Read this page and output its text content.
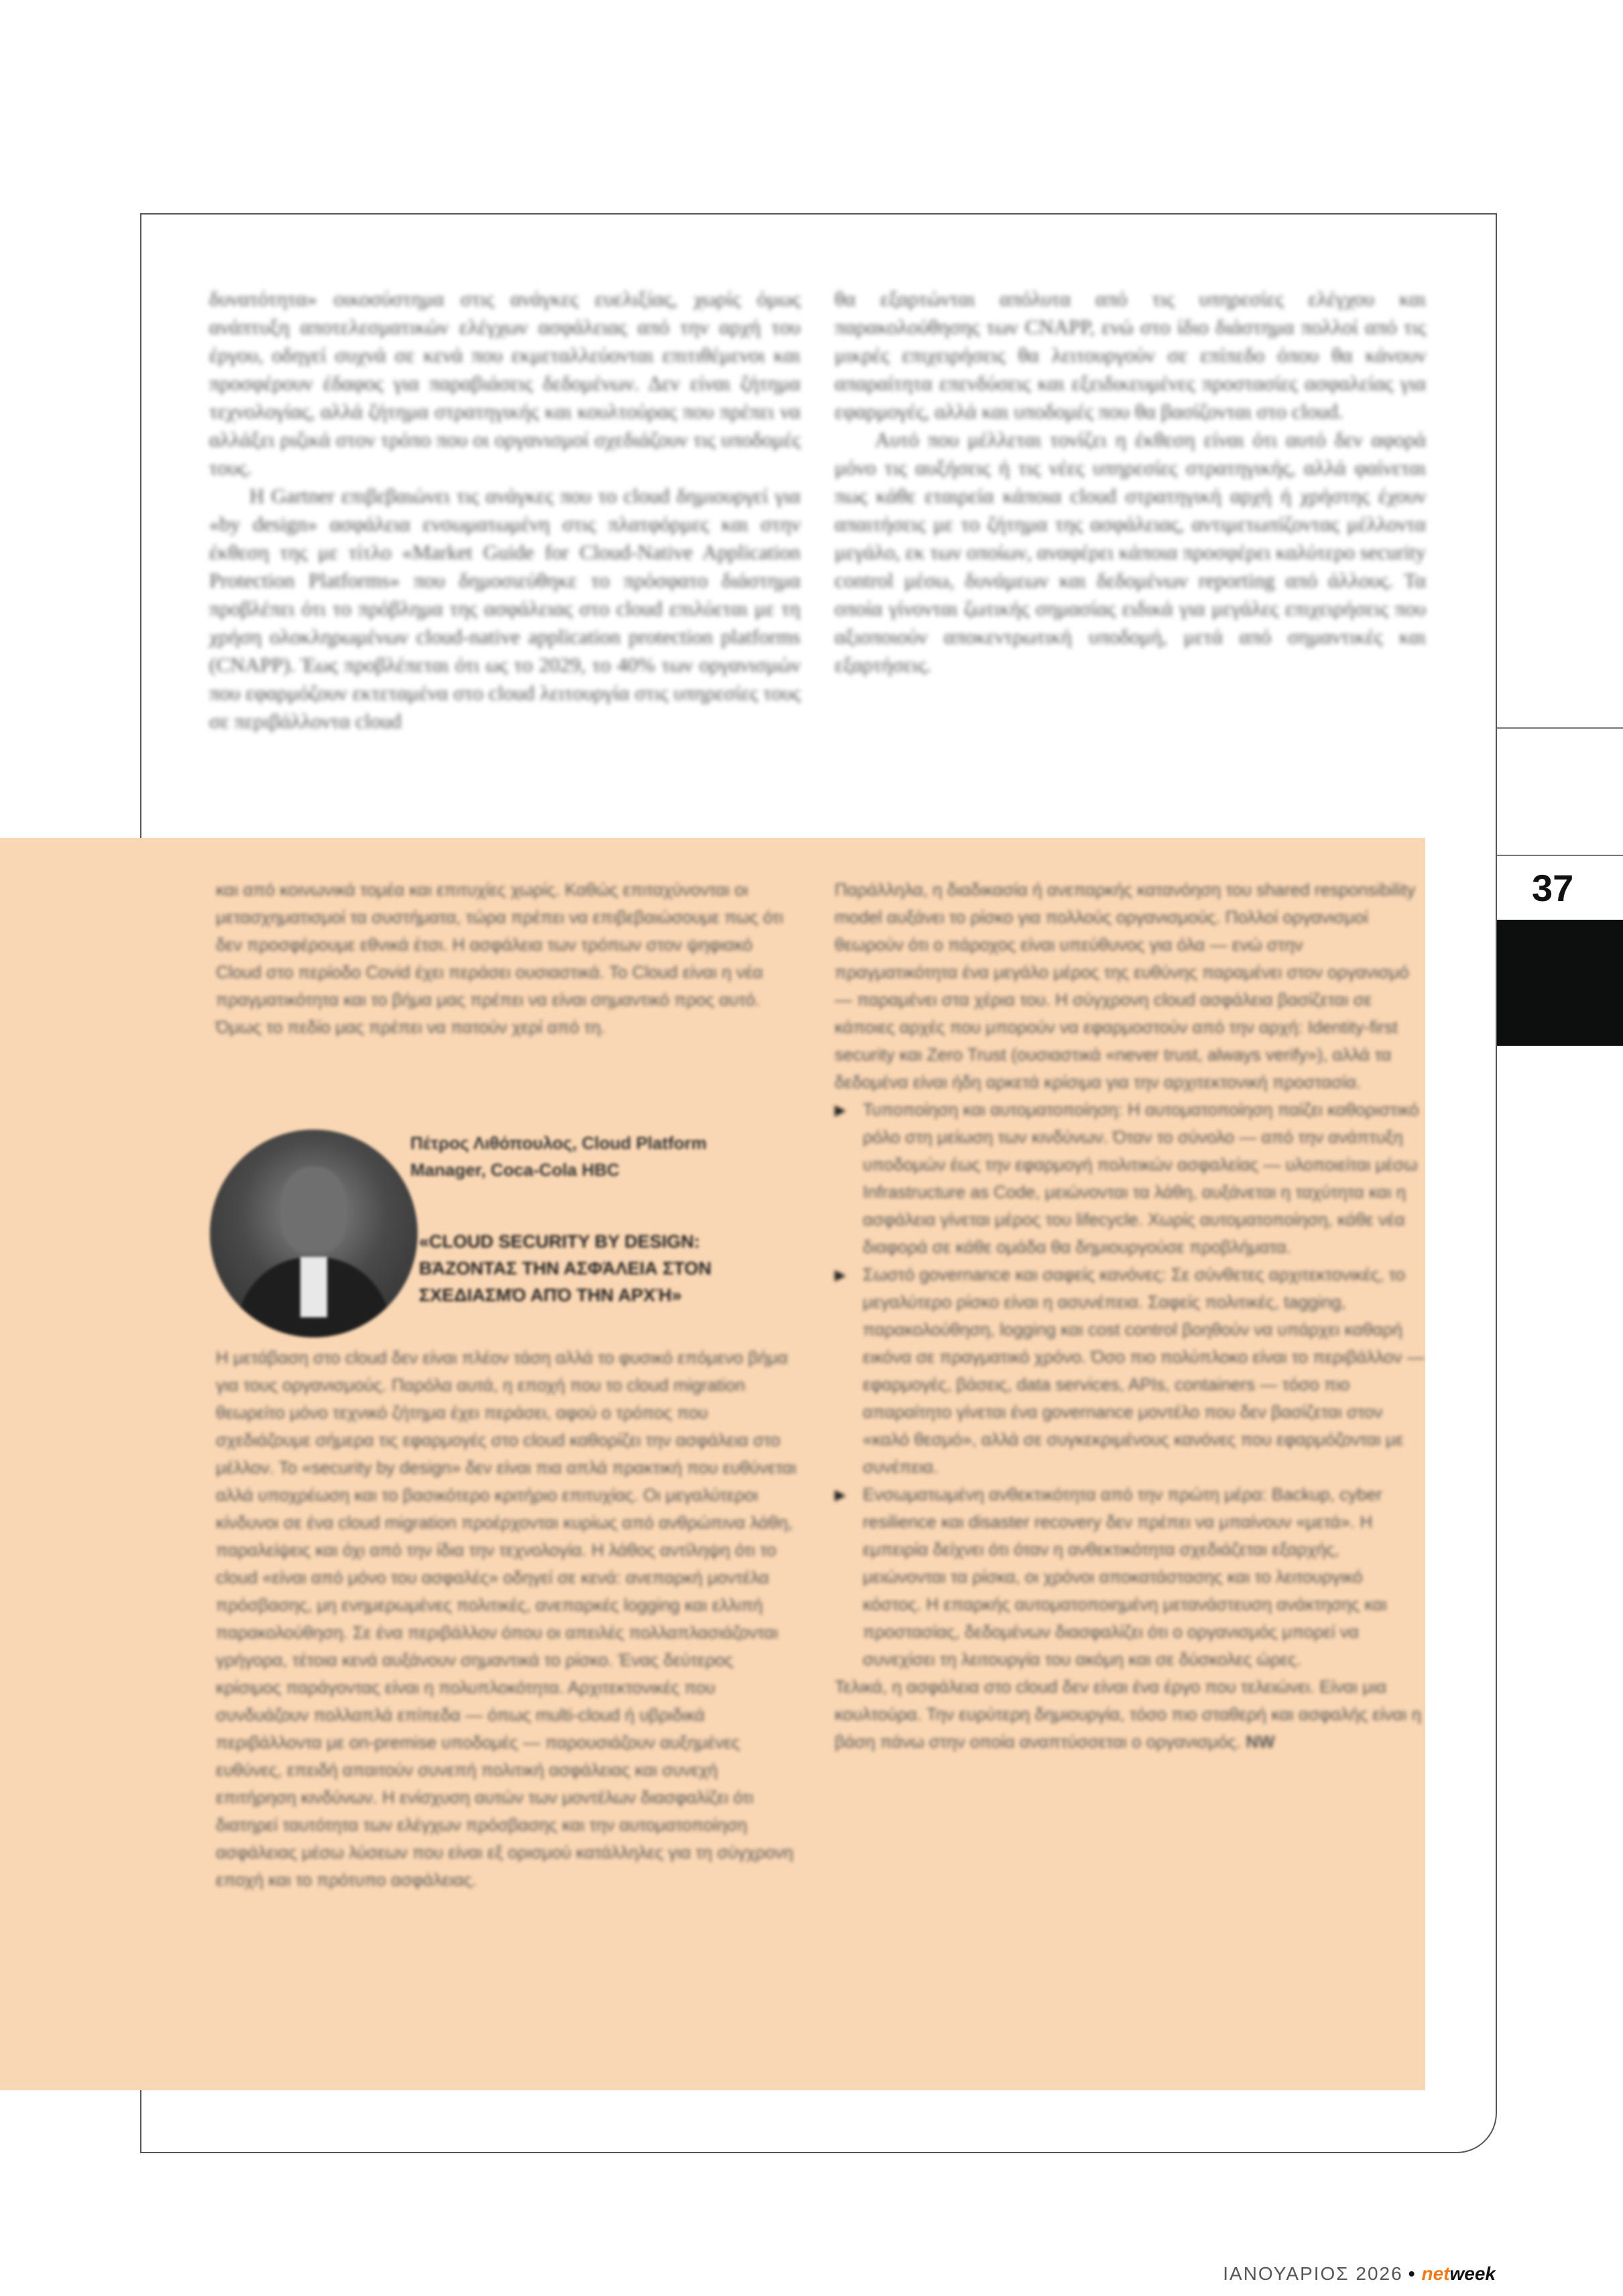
δυνατότητα» οικοσύστημα στις ανάγκες ευελιξίας, χωρίς όμως ανάπτυξη αποτελεσματικών ελέγχων ασφάλειας από την αρχή του έργου, οδηγεί συχνά σε κενά που εκμεταλλεύονται επιτιθέμενοι και προσφέρουν έδαφος για παραβιάσεις δεδομένων. Δεν είναι ζήτημα τεχνολογίας, αλλά ζήτημα στρατηγικής και κουλτούρας που πρέπει να αλλάξει ριζικά στον τρόπο που οι οργανισμοί σχεδιάζουν τις υποδομές τους.

Η Gartner επιβεβαιώνει τις ανάγκες που το cloud δημιουργεί για «by design» ασφάλεια ενσωματωμένη στις πλατφόρμες και στην έκθεση της με τίτλο «Market Guide for Cloud-Native Application Protection Platforms» που δημοσιεύθηκε το πρόσφατο διάστημα προβλέπει ότι το πρόβλημα της ασφάλειας στο cloud επιλύεται με τη χρήση ολοκληρωμένων cloud-native application protection platforms (CNAPP). Έως προβλέπεται ότι ως το 2029, το 40% των οργανισμών που εφαρμόζουν εκτεταμένα στο cloud λειτουργία στις υπηρεσίες τους σε περιβάλλοντα cloud

θα εξαρτώνται απόλυτα από τις υπηρεσίες ελέγχου και παρακολούθησης των CNAPP, ενώ στο ίδιο διάστημα πολλοί από τις μικρές επιχειρήσεις θα λειτουργούν σε επίπεδο όπου θα κάνουν απαραίτητα επενδύσεις και εξειδικευμένες προστασίες ασφαλείας για εφαρμογές, αλλά και υποδομές που θα βασίζονται στο cloud.

Αυτό που μέλλεται τονίζει η έκθεση είναι ότι αυτό δεν αφορά μόνο τις αυξήσεις ή τις νέες υπηρεσίες στρατηγικής, αλλά φαίνεται πως κάθε εταιρεία κάποια cloud στρατηγική αρχή ή χρήστης έχουν απαιτήσεις με το ζήτημα της ασφάλειας, αντιμετωπίζοντας μέλλοντα μεγάλο, εκ των οποίων, αναφέρει κάποια προσφέρει καλύτερο security control μέσω, δυνάμεων και δεδομένων reporting από άλλους. Τα οποία γίνονται ζωτικής σημασίας ειδικά για μεγάλες επιχειρήσεις που αξιοποιούν αποκεντρωτική υποδομή, μετά από σημαντικές και εξαρτήσεις.

και από κοινωνικά τομέα και επιτυχίες χωρίς. Καθώς επιταχύνονται οι μετασχηματισμοί τα συστήματα, τώρα πρέπει να επιβεβαιώσουμε πως ότι δεν προσφέρουμε εθνικά έτσι. Η ασφάλεια των τρόπων στον ψηφιακό Cloud στο περίοδο Covid έχει περάσει ουσιαστικά. Το Cloud είναι η νέα πραγματικότητα και το βήμα μας πρέπει να είναι σημαντικό προς αυτό. Όμως το πεδίο μας πρέπει να πατούν χερί από τη.

Πέτρος Λιθόπουλος, Cloud Platform Manager, Coca-Cola HBC
«CLOUD SECURITY BY DESIGN: ΒΆΖΟΝΤΑΣ ΤΗΝ ΑΣΦΆΛΕΙΑ ΣΤΟΝ ΣΧΕΔΙΑΣΜΌ ΑΠΌ ΤΗΝ ΑΡΧΉ»

Η μετάβαση στο cloud δεν είναι πλέον τάση αλλά το φυσικό επόμενο βήμα για τους οργανισμούς. Παρόλα αυτά, η εποχή που το cloud migration θεωρείτο μόνο τεχνικό ζήτημα έχει περάσει, αφού ο τρόπος που σχεδιάζουμε σήμερα τις εφαρμογές στο cloud καθορίζει την ασφάλεια στο μέλλον. Το «security by design» δεν είναι πια απλά πρακτική που ευθύνεται αλλά υποχρέωση και το βασικότερο κριτήριο επιτυχίας. Οι μεγαλύτεροι κίνδυνοι σε ένα cloud migration προέρχονται κυρίως από ανθρώπινα λάθη, παραλείψεις και όχι από την ίδια την τεχνολογία. Η λάθος αντίληψη ότι το cloud «είναι από μόνο του ασφαλές» οδηγεί σε κενά: ανεπαρκή μοντέλα πρόσβασης, μη ενημερωμένες πολιτικές, ανεπαρκές logging και ελλιπή παρακολούθηση. Σε ένα περιβάλλον όπου οι απειλές πολλαπλασιάζονται γρήγορα, τέτοια κενά αυξάνουν σημαντικά το ρίσκο. Ένας δεύτερος κρίσιμος παράγοντας είναι η πολυπλοκότητα. Αρχιτεκτονικές που συνδυάζουν πολλαπλά επίπεδα — όπως multi-cloud ή υβριδικά περιβάλλοντα με on-premise υποδομές — παρουσιάζουν αυξημένες ευθύνες, επειδή απαιτούν συνεπή πολιτική ασφάλειας και συνεχή επιτήρηση κινδύνων. Η ενίσχυση αυτών των μοντέλων διασφαλίζει ότι διατηρεί ταυτότητα των ελέγχων πρόσβασης και την αυτοματοποίηση ασφάλειας μέσω λύσεων που είναι εξ ορισμού κατάλληλες για τη σύγχρονη εποχή και το πρότυπο ασφάλειας.

Παράλληλα, η διαδικασία ή ανεπαρκής κατανόηση του shared responsibility model αυξάνει το ρίσκο για πολλούς οργανισμούς. Πολλοί οργανισμοί θεωρούν ότι ο πάροχος είναι υπεύθυνος για όλα — ενώ στην πραγματικότητα ένα μεγάλο μέρος της ευθύνης παραμένει στον οργανισμό — παραμένει στα χέρια του. Η σύγχρονη cloud ασφάλεια βασίζεται σε κάποιες αρχές που μπορούν να εφαρμοστούν από την αρχή: Identity-first security και Zero Trust (ουσιαστικά «never trust, always verify»), αλλά τα δεδομένα είναι ήδη αρκετά κρίσιμα για την αρχιτεκτονική προστασία.

▶ Τυποποίηση και αυτοματοποίηση: Η αυτοματοποίηση παίζει καθοριστικό ρόλο στη μείωση των κινδύνων. Όταν το σύνολο — από την ανάπτυξη υποδομών έως την εφαρμογή πολιτικών ασφαλείας — υλοποιείται μέσω Infrastructure as Code, μειώνονται τα λάθη, αυξάνεται η ταχύτητα και η ασφάλεια γίνεται μέρος του lifecycle. Χωρίς αυτοματοποίηση, κάθε νέα διαφορά σε κάθε ομάδα θα δημιουργούσε προβλήματα.
▶ Σωστό governance και σαφείς κανόνες: Σε σύνθετες αρχιτεκτονικές, το μεγαλύτερο ρίσκο είναι η ασυνέπεια. Σαφείς πολιτικές, tagging, παρακολούθηση, logging και cost control βοηθούν να υπάρχει καθαρή εικόνα σε πραγματικό χρόνο. Όσο πιο πολύπλοκο είναι το περιβάλλον — εφαρμογές, βάσεις, data services, APIs, containers — τόσο πιο απαραίτητο γίνεται ένα governance μοντέλο που δεν βασίζεται στον «καλό θεσμό», αλλά σε συγκεκριμένους κανόνες που εφαρμόζονται με συνέπεια.
▶ Ενσωματωμένη ανθεκτικότητα από την πρώτη μέρα: Backup, cyber resilience και disaster recovery δεν πρέπει να μπαίνουν «μετά». Η εμπειρία δείχνει ότι όταν η ανθεκτικότητα σχεδιάζεται εξαρχής, μειώνονται τα ρίσκα, οι χρόνοι αποκατάστασης και το λειτουργικό κόστος. Η επαρκής αυτοματοποιημένη μετανάστευση ανάκτησης και προστασίας, δεδομένων διασφαλίζει ότι ο οργανισμός μπορεί να συνεχίσει τη λειτουργία του ακόμη και σε δύσκολες ώρες.

Τελικά, η ασφάλεια στο cloud δεν είναι ένα έργο που τελειώνει. Είναι μια κουλτούρα. Την ευρύτερη δημιουργία, τόσο πιο σταθερή και ασφαλής είναι η βάση πάνω στην οποία αναπτύσσεται ο οργανισμός. NW

37
ΙΑΝΟΥΑΡΙΟΣ 2026 • netweek
